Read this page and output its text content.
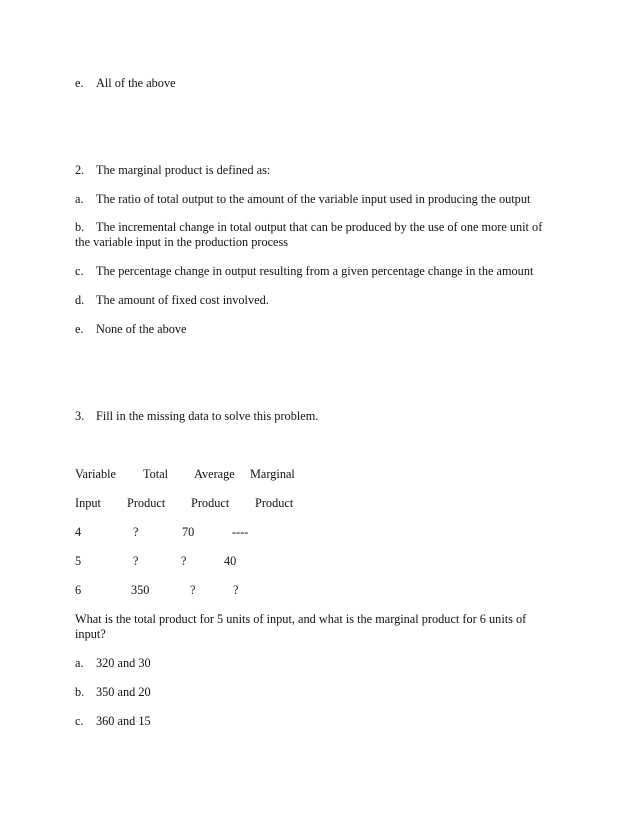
e. All of the above
2. The marginal product is defined as:
a. The ratio of total output to the amount of the variable input used in producing the output
b. The incremental change in total output that can be produced by the use of one more unit of
the variable input in the production process
c. The percentage change in output resulting from a given percentage change in the amount
d. The amount of fixed cost involved.
e. None of the above
3. Fill in the missing data to solve this problem.
Variable Total Average Marginal
Input Product Product Product
4	?	70	----
5	?	?	40
6	350	?	?
What is the total product for 5 units of input, and what is the marginal product for 6 units of
input?
a. 320 and 30
b. 350 and 20
c. 360 and 15
